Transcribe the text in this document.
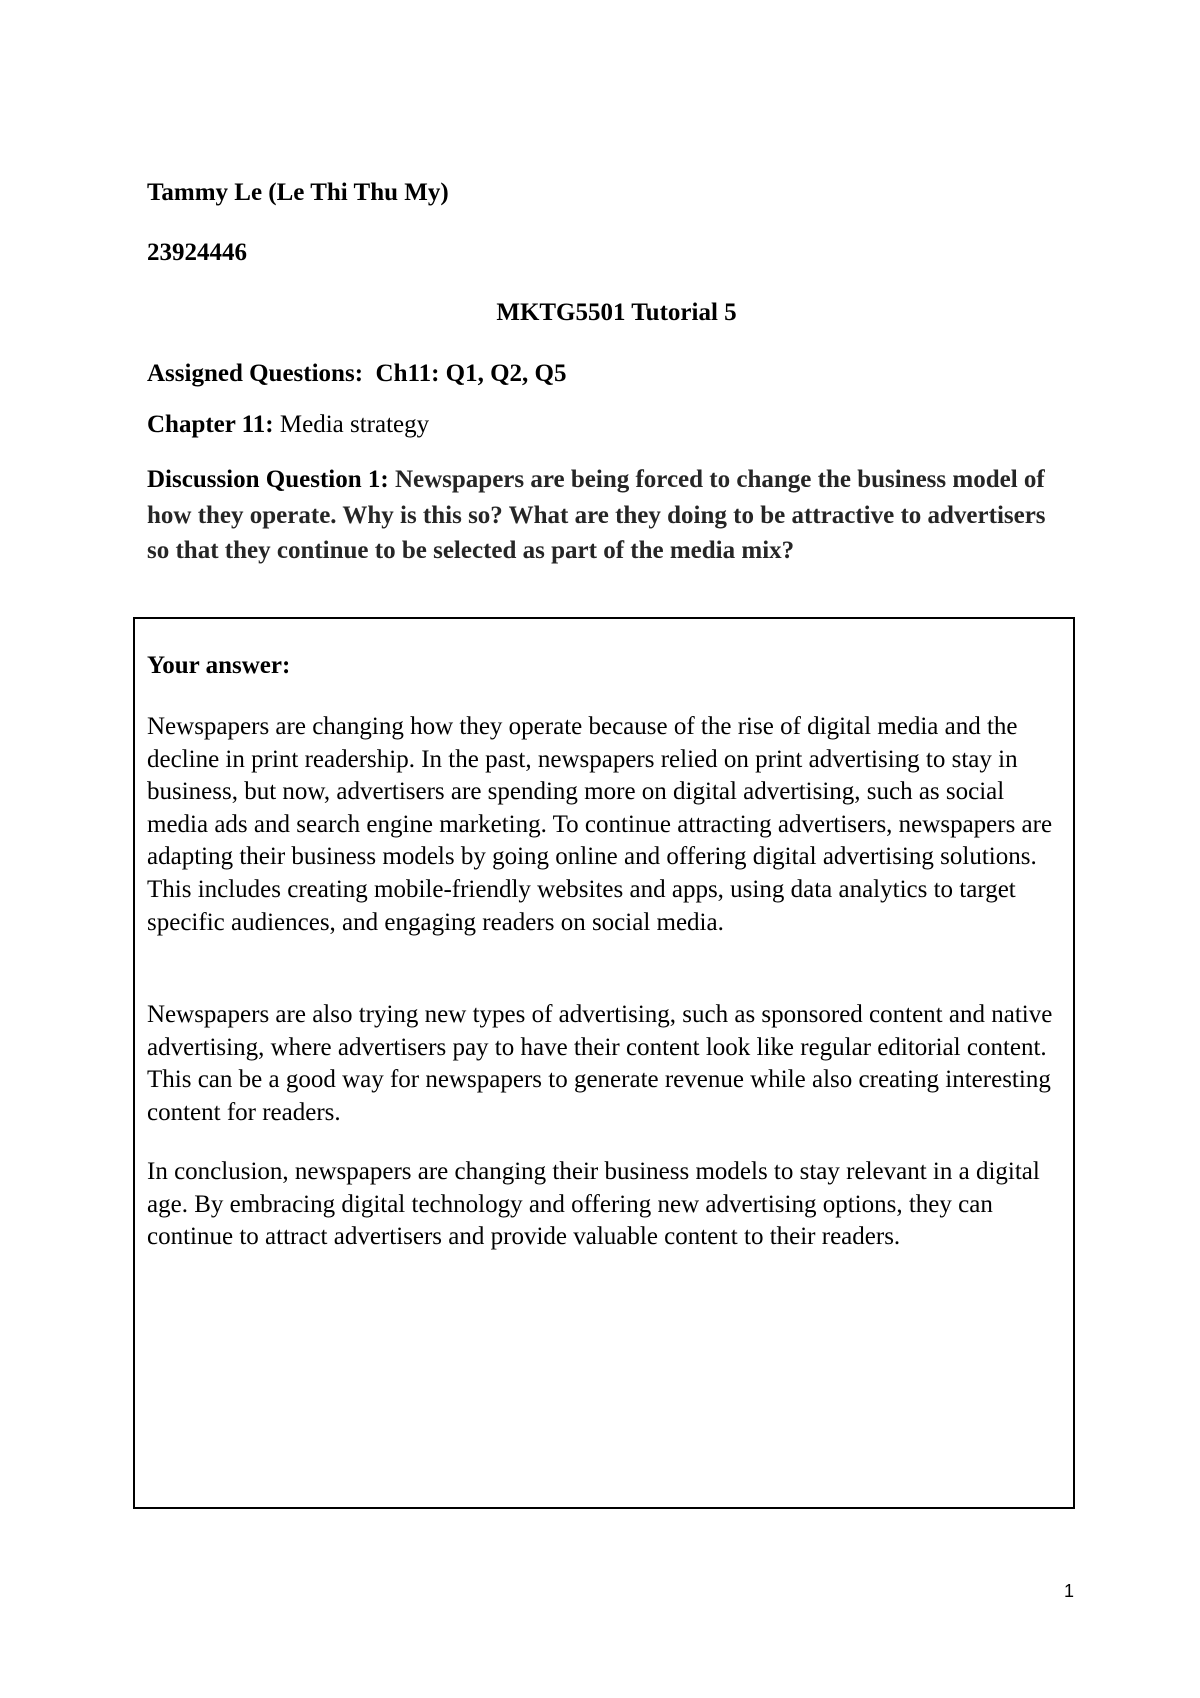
Tammy Le (Le Thi Thu My)
23924446
MKTG5501 Tutorial 5
Assigned Questions: Ch11: Q1, Q2, Q5
Chapter 11: Media strategy
Discussion Question 1: Newspapers are being forced to change the business model of how they operate. Why is this so? What are they doing to be attractive to advertisers so that they continue to be selected as part of the media mix?
Your answer:

Newspapers are changing how they operate because of the rise of digital media and the decline in print readership. In the past, newspapers relied on print advertising to stay in business, but now, advertisers are spending more on digital advertising, such as social media ads and search engine marketing. To continue attracting advertisers, newspapers are adapting their business models by going online and offering digital advertising solutions. This includes creating mobile-friendly websites and apps, using data analytics to target specific audiences, and engaging readers on social media.

Newspapers are also trying new types of advertising, such as sponsored content and native advertising, where advertisers pay to have their content look like regular editorial content. This can be a good way for newspapers to generate revenue while also creating interesting content for readers.

In conclusion, newspapers are changing their business models to stay relevant in a digital age. By embracing digital technology and offering new advertising options, they can continue to attract advertisers and provide valuable content to their readers.

1
